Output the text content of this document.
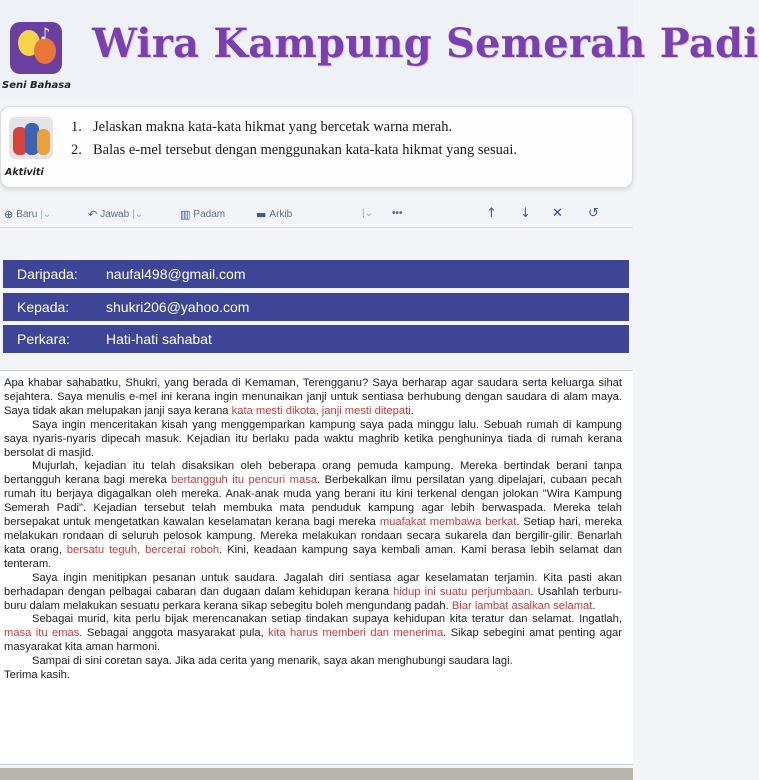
♪
Seni Bahasa
Wira Kampung Semerah Padi
Aktiviti
1. Jelaskan makna kata-kata hikmat yang bercetak warna merah.
2. Balas e-mel tersebut dengan menggunakan kata-kata hikmat yang sesuai.
⊕ Baru |⌄	↶ Jawab |⌄	▥ Padam	▬ Arkib	|⌄ •••	↑ ↓ ✕ ↺
Daripada: naufal498@gmail.com
Kepada:	shukri206@yahoo.com
Perkara:	Hati-hati sahabat

Apa khabar sahabatku, Shukri, yang berada di Kemaman, Terengganu? Saya berharap agar saudara serta keluarga sihat sejahtera. Saya menulis e-mel ini kerana ingin menunaikan janji untuk sentiasa berhubung dengan saudara di alam maya. Saya tidak akan melupakan janji saya kerana kata mesti dikota, janji mesti ditepati.

Saya ingin menceritakan kisah yang menggemparkan kampung saya pada minggu lalu. Sebuah rumah di kampung saya nyaris-nyaris dipecah masuk. Kejadian itu berlaku pada waktu maghrib ketika penghuninya tiada di rumah kerana bersolat di masjid.

Mujurlah, kejadian itu telah disaksikan oleh beberapa orang pemuda kampung. Mereka bertindak berani tanpa bertangguh kerana bagi mereka bertangguh itu pencuri masa. Berbekalkan ilmu persilatan yang dipelajari, cubaan pecah rumah itu berjaya digagalkan oleh mereka. Anak-anak muda yang berani itu kini terkenal dengan jolokan "Wira Kampung Semerah Padi". Kejadian tersebut telah membuka mata penduduk kampung agar lebih berwaspada. Mereka telah bersepakat untuk mengetatkan kawalan keselamatan kerana bagi mereka muafakat membawa berkat. Setiap hari, mereka melakukan rondaan di seluruh pelosok kampung. Mereka melakukan rondaan secara sukarela dan bergilir-gilir. Benarlah kata orang, bersatu teguh, bercerai roboh. Kini, keadaan kampung saya kembali aman. Kami berasa lebih selamat dan tenteram.

Saya ingin menitipkan pesanan untuk saudara. Jagalah diri sentiasa agar keselamatan terjamin. Kita pasti akan berhadapan dengan pelbagai cabaran dan dugaan dalam kehidupan kerana hidup ini suatu perjumbaan. Usahlah terburu-buru dalam melakukan sesuatu perkara kerana sikap sebegitu boleh mengundang padah. Biar lambat asalkan selamat.

Sebagai murid, kita perlu bijak merencanakan setiap tindakan supaya kehidupan kita teratur dan selamat. Ingatlah, masa itu emas. Sebagai anggota masyarakat pula, kita harus memberi dan menerima. Sikap sebegini amat penting agar masyarakat kita aman harmoni.

Sampai di sini coretan saya. Jika ada cerita yang menarik, saya akan menghubungi saudara lagi.

Terima kasih.
